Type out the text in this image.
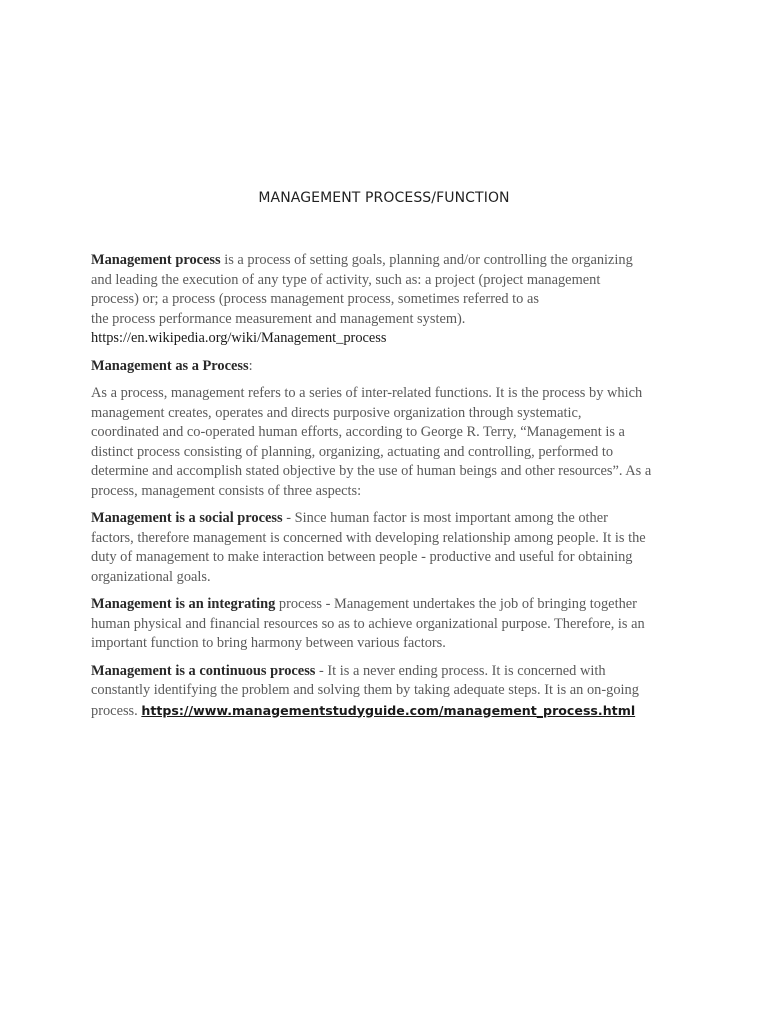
MANAGEMENT PROCESS/FUNCTION

Management process is a process of setting goals, planning and/or controlling the organizing
and leading the execution of any type of activity, such as: a project (project management
process) or; a process (process management process, sometimes referred to as
the process performance measurement and management system).
https://en.wikipedia.org/wiki/Management_process

Management as a Process:

As a process, management refers to a series of inter-related functions. It is the process by which
management creates, operates and directs purposive organization through systematic,
coordinated and co-operated human efforts, according to George R. Terry, “Management is a
distinct process consisting of planning, organizing, actuating and controlling, performed to
determine and accomplish stated objective by the use of human beings and other resources”. As a
process, management consists of three aspects:

Management is a social process - Since human factor is most important among the other
factors, therefore management is concerned with developing relationship among people. It is the
duty of management to make interaction between people - productive and useful for obtaining
organizational goals.

Management is an integrating process - Management undertakes the job of bringing together
human physical and financial resources so as to achieve organizational purpose. Therefore, is an
important function to bring harmony between various factors.

Management is a continuous process - It is a never ending process. It is concerned with
constantly identifying the problem and solving them by taking adequate steps. It is an on-going
process. https://www.managementstudyguide.com/management_process.html
